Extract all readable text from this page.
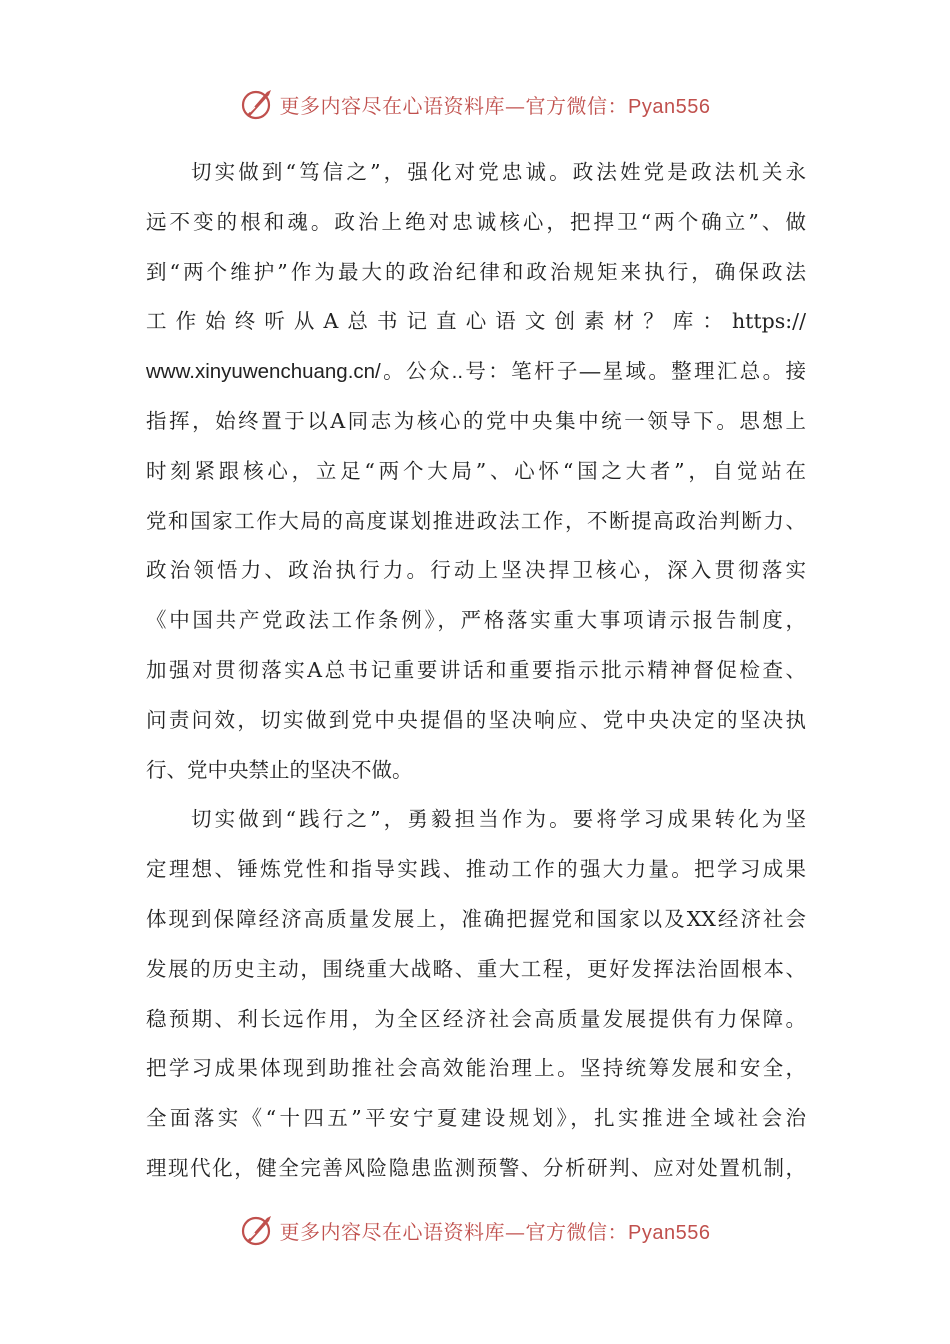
更多内容尽在心语资料库—官方微信：Pyan556
切实做到“笃信之”，强化对党忠诚。政法姓党是政法机关永
远不变的根和魂。政治上绝对忠诚核心，把捍卫“两个确立”、做
到“两个维护”作为最大的政治纪律和政治规矩来执行，确保政法
工作始终听从A总书记直心语文创素材？库：https://
www.xinyuwenchuang.cn/。公众..号：笔杆子—星域。整理汇总。接
指挥，始终置于以A同志为核心的党中央集中统一领导下。思想上
时刻紧跟核心，立足“两个大局”、心怀“国之大者”，自觉站在
党和国家工作大局的高度谋划推进政法工作，不断提高政治判断力、
政治领悟力、政治执行力。行动上坚决捍卫核心，深入贯彻落实
《中国共产党政法工作条例》，严格落实重大事项请示报告制度，
加强对贯彻落实A总书记重要讲话和重要指示批示精神督促检查、
问责问效，切实做到党中央提倡的坚决响应、党中央决定的坚决执
行、党中央禁止的坚决不做。
切实做到“践行之”，勇毅担当作为。要将学习成果转化为坚
定理想、锤炼党性和指导实践、推动工作的强大力量。把学习成果
体现到保障经济高质量发展上，准确把握党和国家以及XX经济社会
发展的历史主动，围绕重大战略、重大工程，更好发挥法治固根本、
稳预期、利长远作用，为全区经济社会高质量发展提供有力保障。
把学习成果体现到助推社会高效能治理上。坚持统筹发展和安全，
全面落实《“十四五”平安宁夏建设规划》，扎实推进全域社会治
理现代化，健全完善风险隐患监测预警、分析研判、应对处置机制，
更多内容尽在心语资料库—官方微信：Pyan556
